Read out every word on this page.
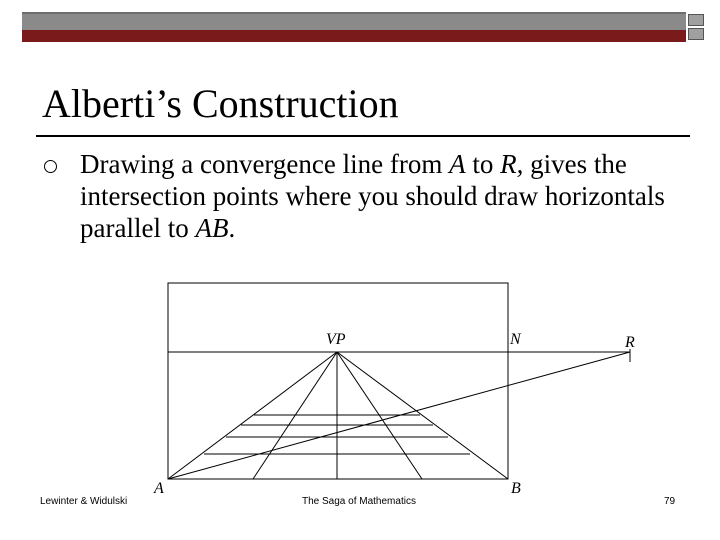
Alberti’s Construction
Drawing a convergence line from A to R, gives the intersection points where you should draw horizontals parallel to AB.
VP	N	R
A	B
Lewinter & Widulski	The Saga of Mathematics	79
